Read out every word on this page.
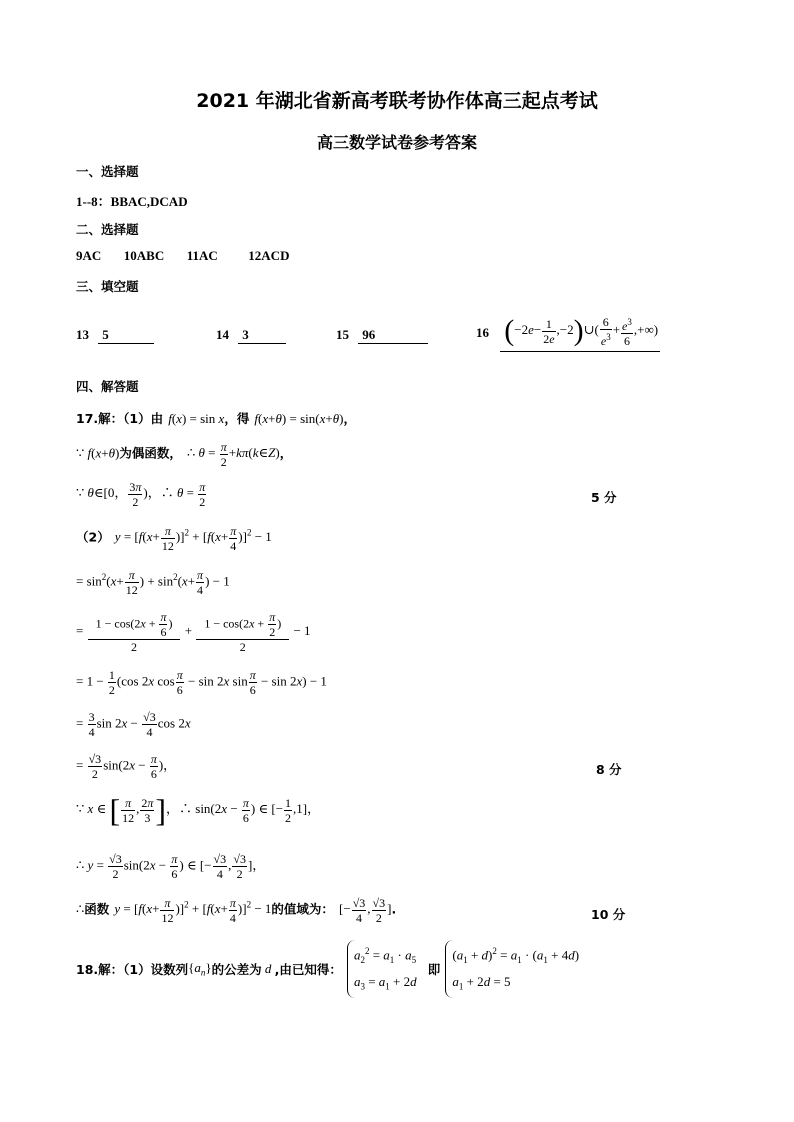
2021 年湖北省新高考联考协作体高三起点考试
高三数学试卷参考答案
一、选择题
1--8：BBAC,DCAD
二、选择题
9AC 10ABC 11AC 12ACD
三、填空题
13 5	14 3	15 96	16 ($-2e- \frac{1}{2e}$ ,−2)∪( $\frac{6}{e^3} + \frac{e^3}{6}$ ,+∞)
四、解答题
17.解：（1）由 f(x) = sin x，得 f(x+θ) = sin(x+θ)，
∵ f(x+θ)为偶函数， ∴ $\theta = \frac{\pi}{2}$ +kπ(k∈Z)，
∵ θ∈[0， $\frac{3\pi}{2}$ )，∴ $\theta = \frac{\pi}{2}$	5 分
（2） $y = [f(x+ \frac{\pi}{12} )]^2 + [f(x+ \frac{\pi}{4} )]^2 - 1$
= $\sin^2(x+ \frac{\pi}{12}$ ) + $\sin^2(x+ \frac{\pi}{4}$ ) − 1
= $\frac{1 - \cos(2x + \frac{\pi}{6} )}{2} + \frac{1 - \cos(2x + \frac{\pi}{2} )}{2} - 1$
= $1 - \frac{1}{2} (\cos$ 2x $\cos \frac{\pi}{6} - \sin 2x$ $\sin \frac{\pi}{6} - \sin 2x) - 1$
= $\frac{3}{4}$ $\sin 2x - \frac{√3}{4}$ cos 2x
= $\frac{√3}{2} \sin(2x - \frac{\pi}{6}$ )，	8 分
∵ x ∈ [ $\frac{\pi}{12}$ , $\frac{2\pi}{3}$ ]，∴ $\sin(2x - \frac{\pi}{6}$ ) ∈ [− $\frac{1}{2} ,1$]，
∴ $y = \frac{√3}{2} \sin(2x - \frac{\pi}{6}$ ) ∈ [− $\frac{√3}{4}$ , $\frac{√3}{2}$ ]，
∴函数 $y = [f(x+ \frac{\pi}{12} )]^2 + [f(x+ \frac{\pi}{4} )]^2 - 1$的值域为： [− $\frac{√3}{4}$ , $\frac{√3}{2}$ ].	10 分
18.解：（1）设数列$\{a_n\}$的公差为 d ,由已知得： $a_2^2 = a_1 \cdot a_5$
$a_3 = a_1 + 2d$ 即 $(a_1 + d)^2 = a_1 \cdot (a_1 + 4d)$
$a_1 + 2d = 5$
